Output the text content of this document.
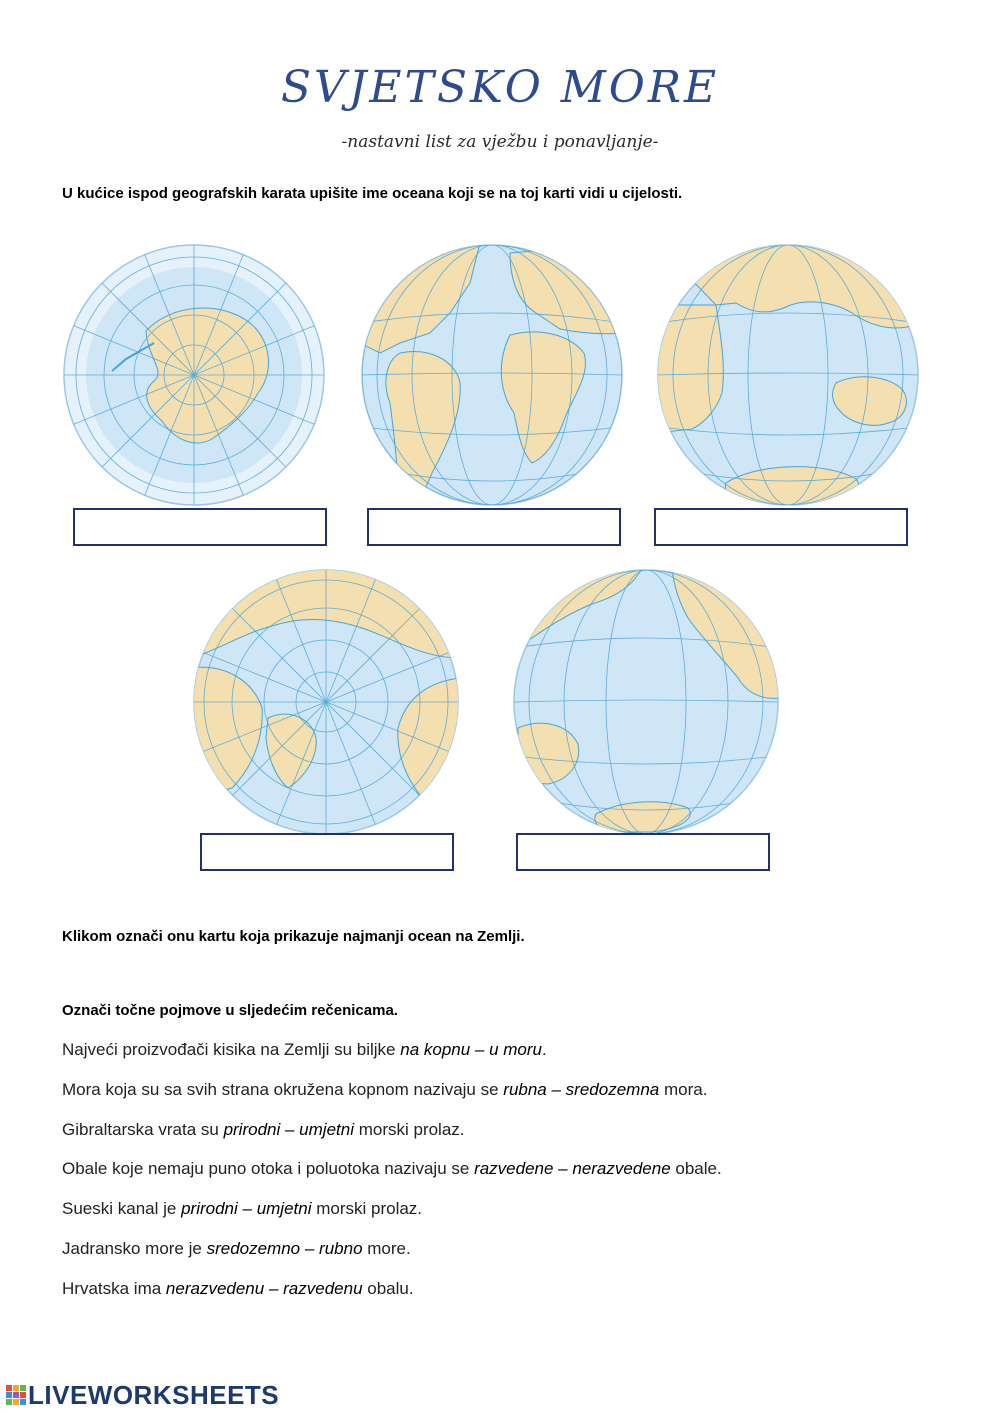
SVJETSKO MORE
-nastavni list za vježbu i ponavljanje-
U kućice ispod geografskih karata upišite ime oceana koji se na toj karti vidi u cijelosti.
Klikom označi onu kartu koja prikazuje najmanji ocean na Zemlji.
Označi točne pojmove u sljedećim rečenicama.
Najveći proizvođači kisika na Zemlji su biljke na kopnu – u moru.
Mora koja su sa svih strana okružena kopnom nazivaju se rubna – sredozemna mora.
Gibraltarska vrata su prirodni – umjetni morski prolaz.
Obale koje nemaju puno otoka i poluotoka nazivaju se razvedene – nerazvedene obale.
Sueski kanal je prirodni – umjetni morski prolaz.
Jadransko more je sredozemno – rubno more.
Hrvatska ima nerazvedenu – razvedenu obalu.
LIVEWORKSHEETS
